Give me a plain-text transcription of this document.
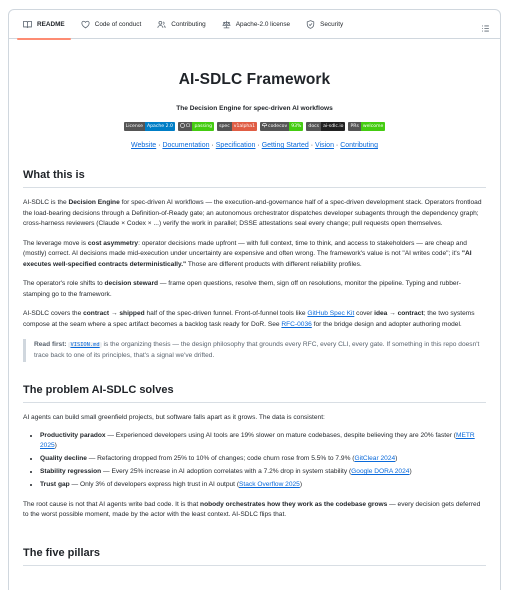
README	Code of conduct	Contributing	Apache-2.0 license	Security
AI-SDLC Framework
The Decision Engine for spec-driven AI workflows
License Apache 2.0	CI passing	spec v1alpha1	codecov 93%	docs ai-sdlc.io	PRs welcome
Website · Documentation · Specification · Getting Started · Vision · Contributing
What this is

AI-SDLC is the Decision Engine for spec-driven AI workflows — the execution-and-governance half of a spec-driven development stack. Operators frontload the load-bearing decisions through a Definition-of-Ready gate; an autonomous orchestrator dispatches developer subagents through the dependency graph; cross-harness reviewers (Claude × Codex × ...) verify the work in parallel; DSSE attestations seal every change; pull requests open themselves.

The leverage move is cost asymmetry: operator decisions made upfront — with full context, time to think, and access to stakeholders — are cheap and (mostly) correct. AI decisions made mid-execution under uncertainty are expensive and often wrong. The framework's value is not "AI writes code"; it's "AI executes well-specified contracts deterministically." Those are different products with different reliability profiles.

The operator's role shifts to decision steward — frame open questions, resolve them, sign off on resolutions, monitor the pipeline. Typing and rubber-stamping go to the framework.

AI-SDLC covers the contract → shipped half of the spec-driven funnel. Front-of-funnel tools like GitHub Spec Kit cover idea → contract; the two systems compose at the seam where a spec artifact becomes a backlog task ready for DoR. See RFC-0036 for the bridge design and adopter authoring model.

Read first: VISION.md is the organizing thesis — the design philosophy that grounds every RFC, every CLI, every gate. If something in this repo doesn't trace back to one of its principles, that's a signal we've drifted.
The problem AI-SDLC solves

AI agents can build small greenfield projects, but software falls apart as it grows. The data is consistent:

• Productivity paradox — Experienced developers using AI tools are 19% slower on mature codebases, despite believing they are 20% faster (METR 2025)
• Quality decline — Refactoring dropped from 25% to 10% of changes; code churn rose from 5.5% to 7.9% (GitClear 2024)
• Stability regression — Every 25% increase in AI adoption correlates with a 7.2% drop in system stability (Google DORA 2024)
• Trust gap — Only 3% of developers express high trust in AI output (Stack Overflow 2025)

The root cause is not that AI agents write bad code. It is that nobody orchestrates how they work as the codebase grows — every decision gets deferred to the worst possible moment, made by the actor with the least context. AI-SDLC flips that.

The five pillars
